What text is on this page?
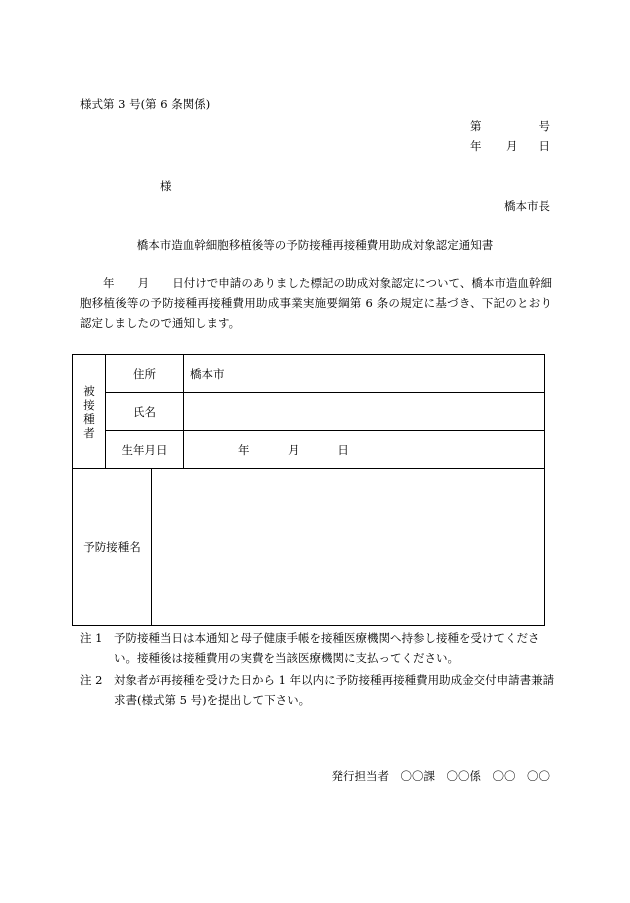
様式第 3 号(第 6 条関係)
第	号
年 月 日
様
橋本市長
橋本市造血幹細胞移植後等の予防接種再接種費用助成対象認定通知書
　　年　　月　　日付けで申請のありました標記の助成対象認定について、橋本市造血幹細胞移植後等の予防接種再接種費用助成事業実施要綱第 6 条の規定に基づき、下記のとおり認定しましたので通知します。
被接種者	住所	橋本市
	氏名	
	生年月日	年 月 日
予防接種名
注 1	予防接種当日は本通知と母子健康手帳を接種医療機関へ持参し接種を受けてください。接種後は接種費用の実費を当該医療機関に支払ってください。
注 2	対象者が再接種を受けた日から 1 年以内に予防接種再接種費用助成金交付申請書兼請求書(様式第 5 号)を提出して下さい。
発行担当者　〇〇課　〇〇係　〇〇　〇〇
